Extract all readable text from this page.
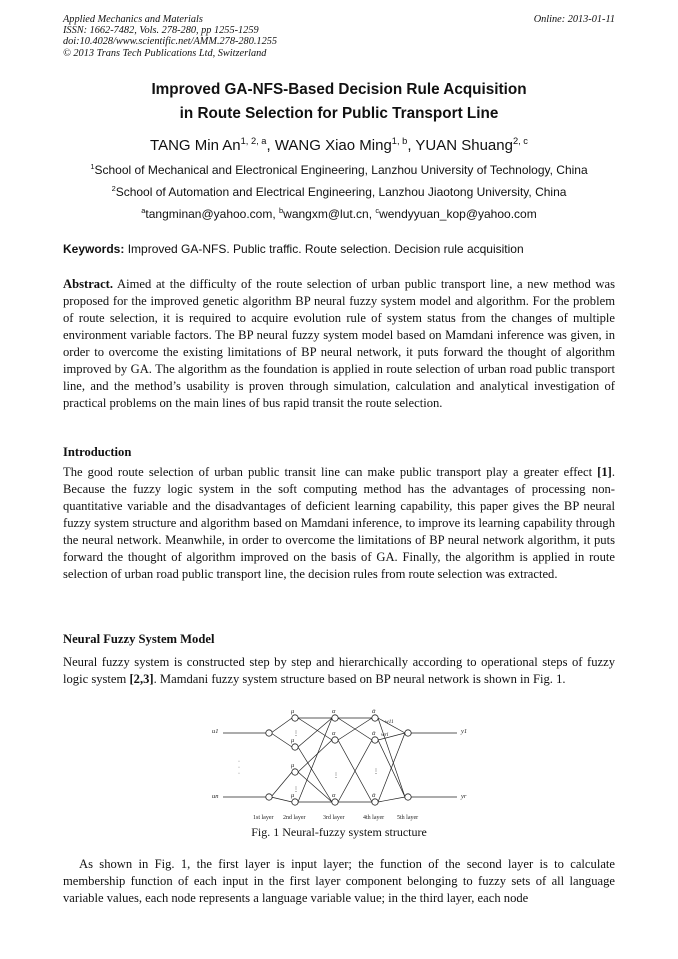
Applied Mechanics and Materials
ISSN: 1662-7482, Vols. 278-280, pp 1255-1259
doi:10.4028/www.scientific.net/AMM.278-280.1255
© 2013 Trans Tech Publications Ltd, Switzerland
Online: 2013-01-11
Improved GA-NFS-Based Decision Rule Acquisition
in Route Selection for Public Transport Line
TANG Min An$^{1, 2, a}$, WANG Xiao Ming$^{1, b}$, YUAN Shuang$^{2, c}$
$^1$School of Mechanical and Electronical Engineering, Lanzhou University of Technology, China
$^2$School of Automation and Electrical Engineering, Lanzhou Jiaotong University, China
$^a$tangminan@yahoo.com, $^b$wangxm@lut.cn, $^c$wendyyuan_kop@yahoo.com
Keywords: Improved GA-NFS. Public traffic. Route selection. Decision rule acquisition
Abstract. Aimed at the difficulty of the route selection of urban public transport line, a new method was proposed for the improved genetic algorithm BP neural fuzzy system model and algorithm. For the problem of route selection, it is required to acquire evolution rule of system status from the changes of multiple environment variable factors. The BP neural fuzzy system model based on Mamdani inference was given, in order to overcome the existing limitations of BP neural network, it puts forward the thought of algorithm improved by GA. The algorithm as the foundation is applied in route selection of urban road public transport line, and the method’s usability is proven through simulation, calculation and analytical investigation of practical problems on the main lines of bus rapid transit the route selection.
Introduction
The good route selection of urban public transit line can make public transport play a greater effect [1]. Because the fuzzy logic system in the soft computing method has the advantages of processing non-quantitative variable and the disadvantages of deficient learning capability, this paper gives the BP neural fuzzy system structure and algorithm based on Mamdani inference, to improve its learning capability through the neural network. Meanwhile, in order to overcome the limitations of BP neural network algorithm, it puts forward the thought of algorithm improved on the basis of GA. Finally, the algorithm is applied in route selection of urban road public transport line, the decision rules from route selection was extracted.
Neural Fuzzy System Model
Neural fuzzy system is constructed step by step and hierarchically according to operational steps of fuzzy logic system [2,3]. Mamdani fuzzy system structure based on BP neural network is shown in Fig. 1.
·
·
·
⋮
⋮
⋮
⋮
u1
un
y1
yr
w11
wrl
μ
μ
μ
μ
α
α
α
ᾱ
ᾱ
ᾱ
1st layer 2nd layer	3rd layer	4th layer 5th layer
Fig. 1 Neural-fuzzy system structure
As shown in Fig. 1, the first layer is input layer; the function of the second layer is to calculate membership function of each input in the first layer component belonging to fuzzy sets of all language variable values, each node represents a language variable value; in the third layer, each node
